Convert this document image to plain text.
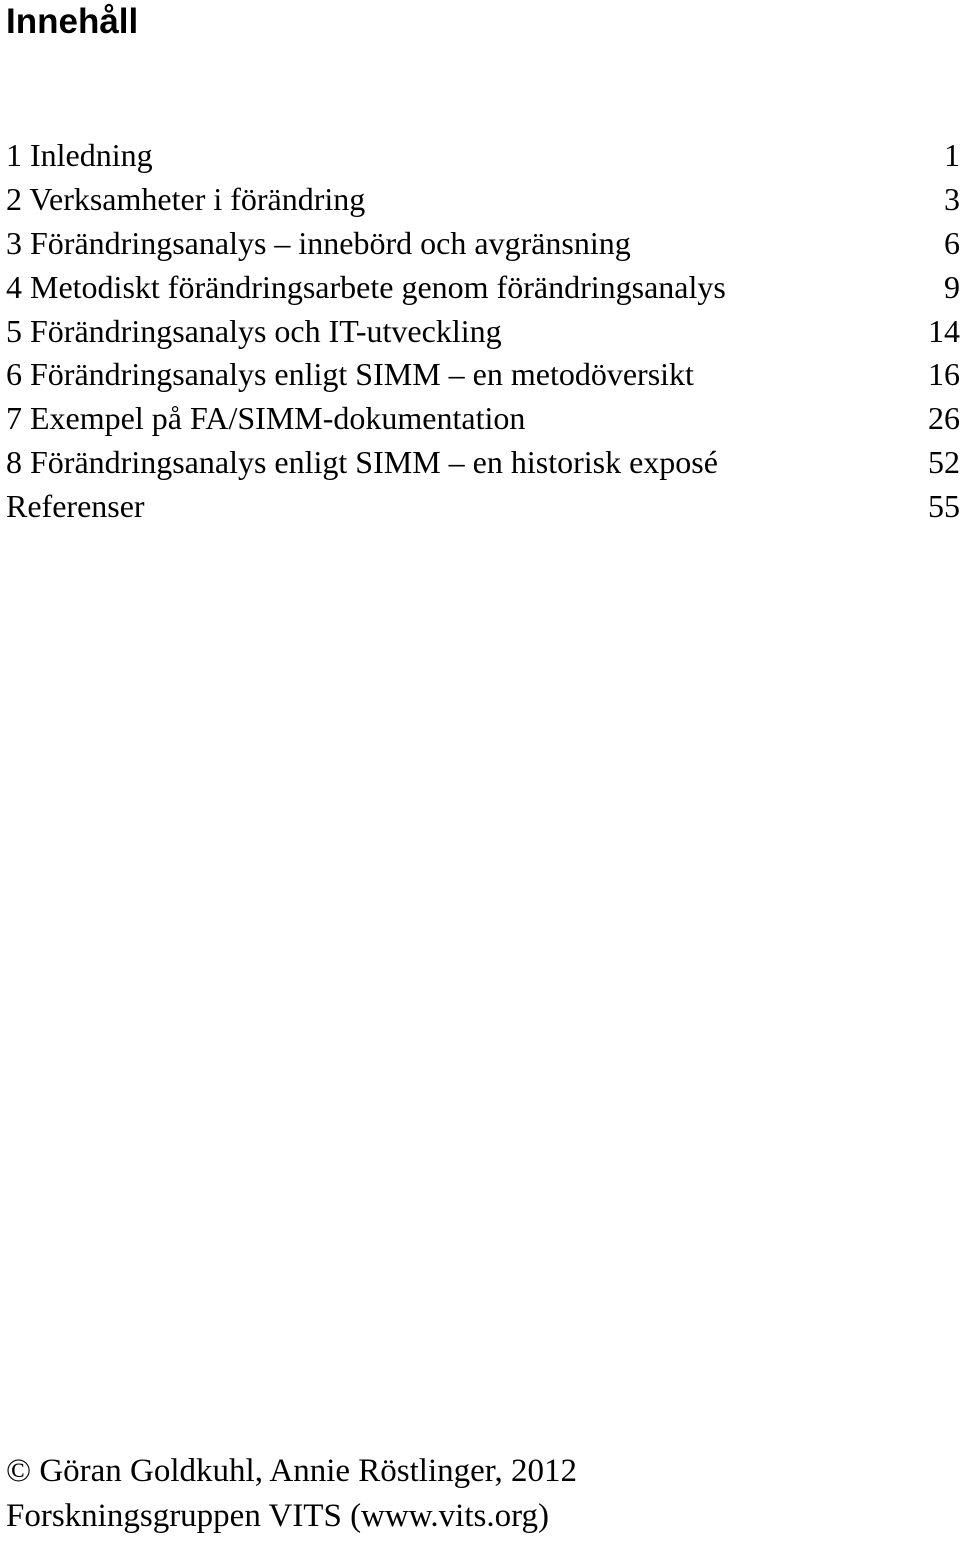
Innehåll
1 Inledning	1
2 Verksamheter i förändring	3
3 Förändringsanalys – innebörd och avgränsning	6
4 Metodiskt förändringsarbete genom förändringsanalys	9
5 Förändringsanalys och IT-utveckling	14
6 Förändringsanalys enligt SIMM – en metodöversikt	16
7 Exempel på FA/SIMM-dokumentation	26
8 Förändringsanalys enligt SIMM – en historisk exposé	52
Referenser	55
© Göran Goldkuhl, Annie Röstlinger, 2012
Forskningsgruppen VITS (www.vits.org)
